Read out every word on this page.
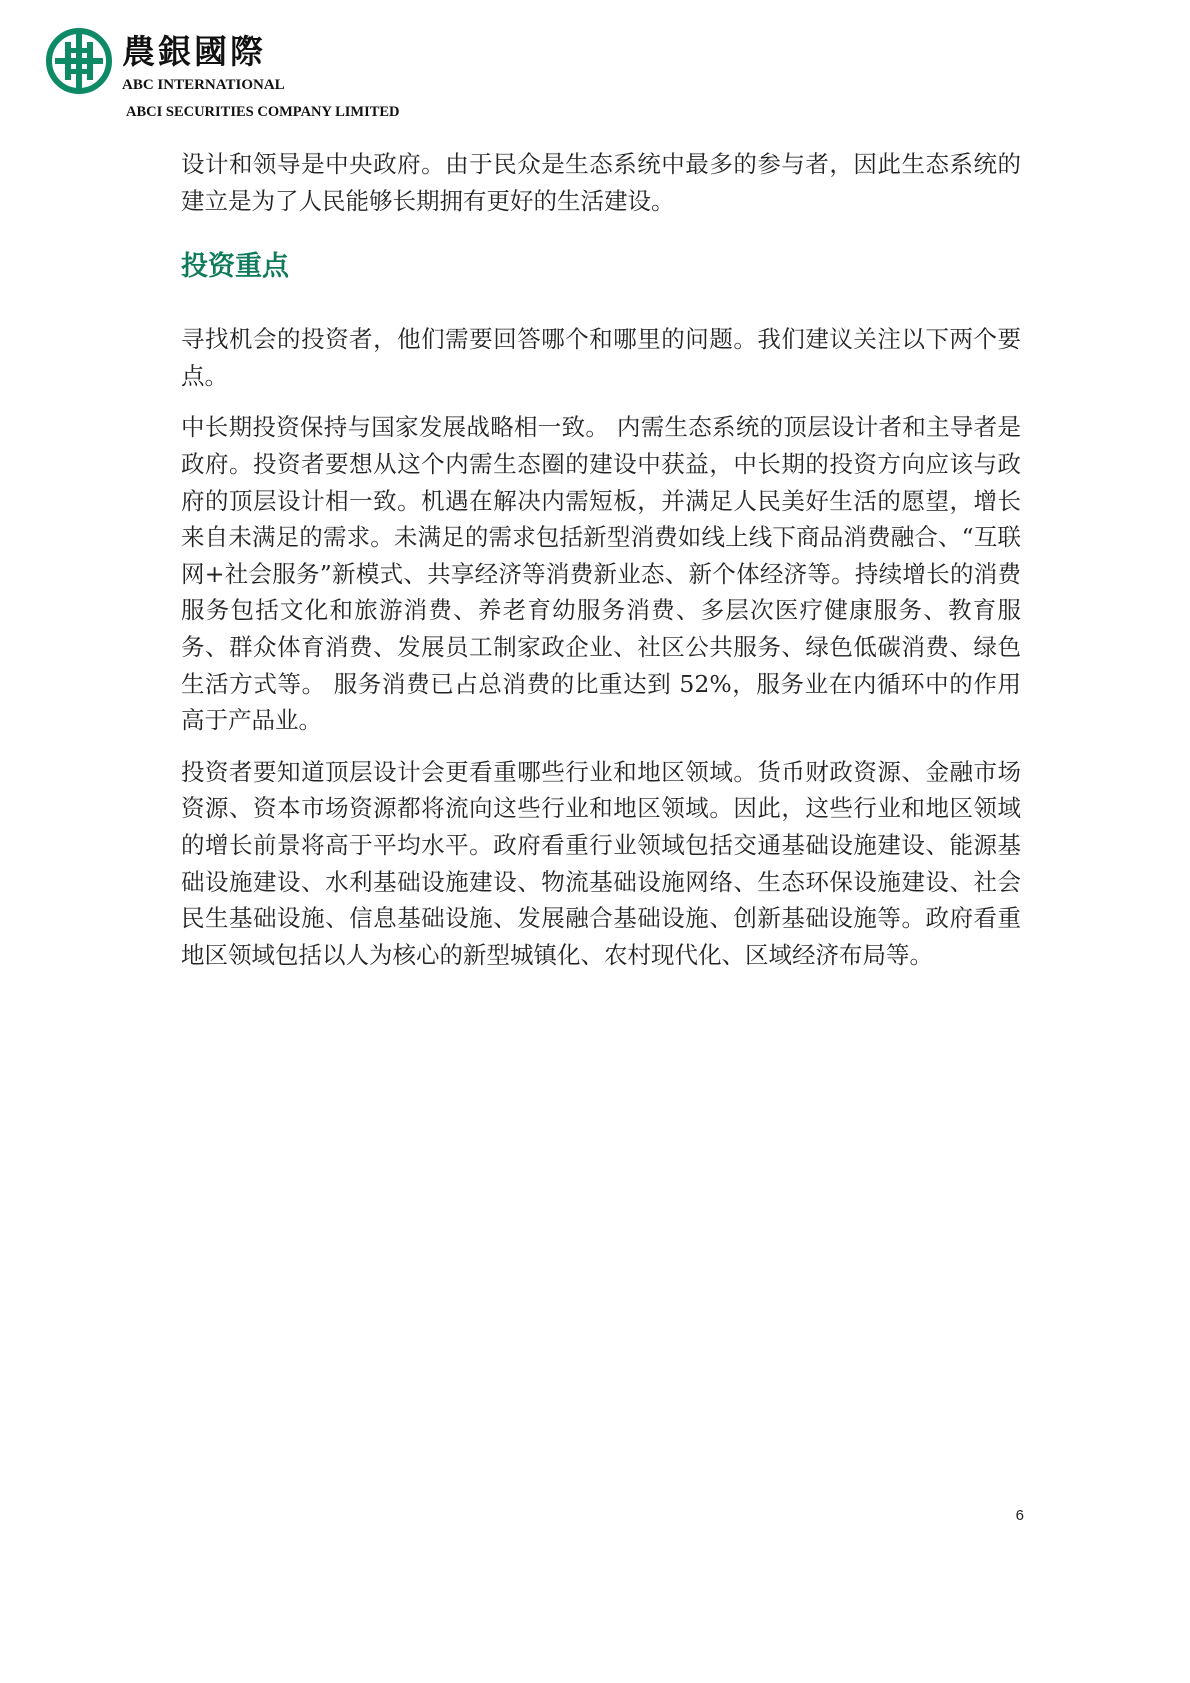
農銀國際
ABC INTERNATIONAL
ABCI SECURITIES COMPANY LIMITED

设计和领导是中央政府。由于民众是生态系统中最多的参与者，因此生态系统的建立是为了人民能够长期拥有更好的生活建设。

投资重点

寻找机会的投资者，他们需要回答哪个和哪里的问题。我们建议关注以下两个要点。

中长期投资保持与国家发展战略相一致。 内需生态系统的顶层设计者和主导者是政府。投资者要想从这个内需生态圈的建设中获益，中长期的投资方向应该与政府的顶层设计相一致。机遇在解决内需短板，并满足人民美好生活的愿望，增长来自未满足的需求。未满足的需求包括新型消费如线上线下商品消费融合、“互联网+社会服务”新模式、共享经济等消费新业态、新个体经济等。持续增长的消费服务包括文化和旅游消费、养老育幼服务消费、多层次医疗健康服务、教育服务、群众体育消费、发展员工制家政企业、社区公共服务、绿色低碳消费、绿色生活方式等。 服务消费已占总消费的比重达到 52%，服务业在内循环中的作用高于产品业。

投资者要知道顶层设计会更看重哪些行业和地区领域。货币财政资源、金融市场资源、资本市场资源都将流向这些行业和地区领域。因此，这些行业和地区领域的增长前景将高于平均水平。政府看重行业领域包括交通基础设施建设、能源基础设施建设、水利基础设施建设、物流基础设施网络、生态环保设施建设、社会民生基础设施、信息基础设施、发展融合基础设施、创新基础设施等。政府看重地区领域包括以人为核心的新型城镇化、农村现代化、区域经济布局等。

6
